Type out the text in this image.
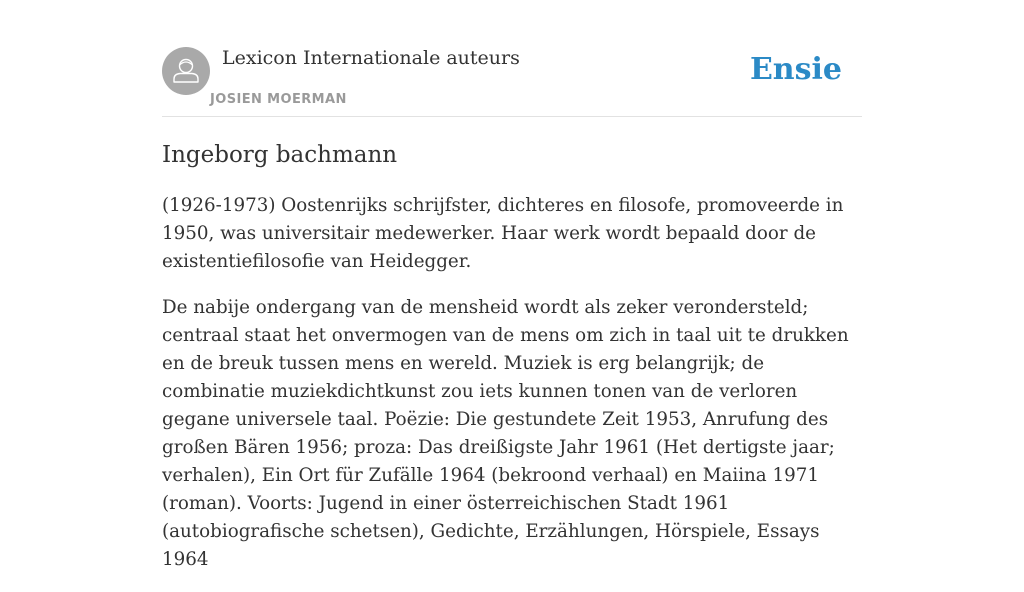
Lexicon Internationale auteurs
JOSIEN MOERMAN
Ensie
Ingeborg bachmann

(1926-1973) Oostenrijks schrijfster, dichteres en filosofe, promoveerde in 1950, was universitair medewerker. Haar werk wordt bepaald door de existentiefilosofie van Heidegger.

De nabije ondergang van de mensheid wordt als zeker verondersteld; centraal staat het onvermogen van de mens om zich in taal uit te drukken en de breuk tussen mens en wereld. Muziek is erg belangrijk; de combinatie muziekdichtkunst zou iets kunnen tonen van de verloren gegane universele taal. Poëzie: Die gestundete Zeit 1953, Anrufung des großen Bären 1956; proza: Das dreißigste Jahr 1961 (Het dertigste jaar; verhalen), Ein Ort für Zufälle 1964 (bekroond verhaal) en Maiina 1971 (roman). Voorts: Jugend in einer österreichischen Stadt 1961 (autobiografische schetsen), Gedichte, Erzählungen, Hörspiele, Essays 1964
